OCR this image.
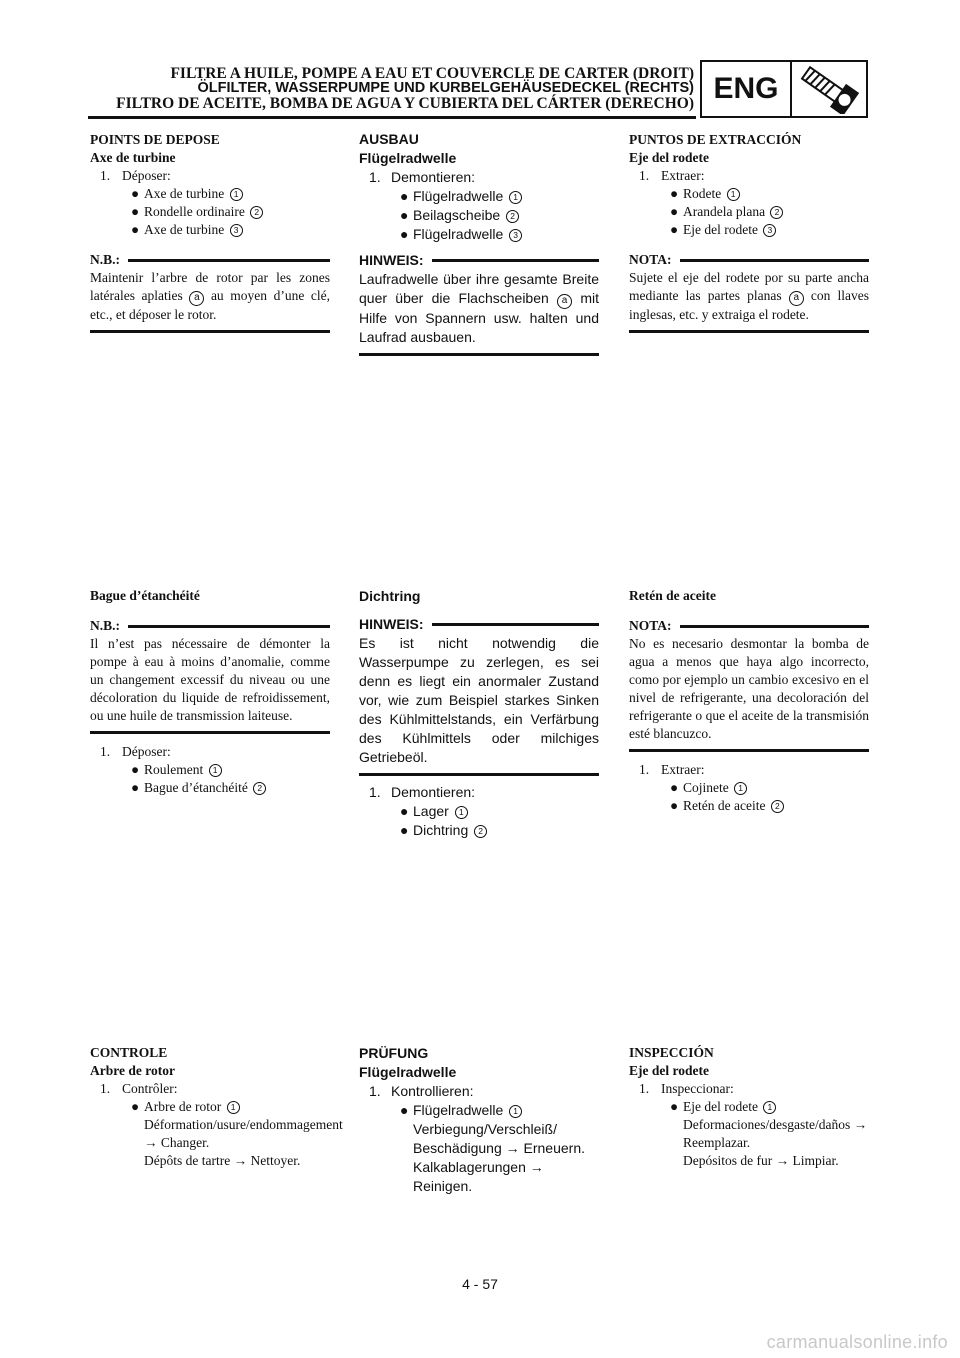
FILTRE A HUILE, POMPE A EAU ET COUVERCLE DE CARTER (DROIT)
ÖLFILTER, WASSERPUMPE UND KURBELGEHÄUSEDECKEL (RECHTS)
FILTRO DE ACEITE, BOMBA DE AGUA Y CUBIERTA DEL CÁRTER (DERECHO) ENG

POINTS DE DEPOSE

Axe de turbine

1. Déposer:

● Axe de turbine 1

● Rondelle ordinaire 2

● Axe de turbine 3

N.B.:

Maintenir l’arbre de rotor par les zones latérales aplaties a au moyen d’une clé, etc., et déposer le rotor.

AUSBAU

Flügelradwelle

1. Demontieren:

● Flügelradwelle 1

● Beilagscheibe 2

● Flügelradwelle 3

HINWEIS:

Laufradwelle über ihre gesamte Breite quer über die Flachscheiben a mit Hilfe von Spannern usw. halten und Laufrad ausbauen.

PUNTOS DE EXTRACCIÓN

Eje del rodete

1. Extraer:

● Rodete 1

● Arandela plana 2

● Eje del rodete 3

NOTA:

Sujete el eje del rodete por su parte ancha mediante las partes planas a con llaves inglesas, etc. y extraiga el rodete.

Bague d’étanchéité

N.B.:

Il n’est pas nécessaire de démonter la pompe à eau à moins d’anomalie, comme un changement excessif du niveau ou une décoloration du liquide de refroidissement, ou une huile de transmission laiteuse.

1. Déposer:

● Roulement 1

● Bague d’étanchéité 2

Dichtring

HINWEIS:

Es ist nicht notwendig die Wasserpumpe zu zerlegen, es sei denn es liegt ein anormaler Zustand vor, wie zum Beispiel starkes Sinken des Kühlmittelstands, ein Verfärbung des Kühlmittels oder milchiges Getriebeöl.

1. Demontieren:

● Lager 1

● Dichtring 2

Retén de aceite

NOTA:

No es necesario desmontar la bomba de agua a menos que haya algo incorrecto, como por ejemplo un cambio excesivo en el nivel de refrigerante, una decoloración del refrigerante o que el aceite de la transmisión esté blancuzco.

1. Extraer:

● Cojinete 1

● Retén de aceite 2

CONTROLE

Arbre de rotor

1. Contrôler:

● Arbre de rotor 1

Déformation/usure/endommagement → Changer.

Dépôts de tartre → Nettoyer.

PRÜFUNG

Flügelradwelle

1. Kontrollieren:

● Flügelradwelle 1

Verbiegung/Verschleiß/ Beschädigung → Erneuern.

Kalkablagerungen → Reinigen.

INSPECCIÓN

Eje del rodete

1. Inspeccionar:

● Eje del rodete 1

Deformaciones/desgaste/daños → Reemplazar.

Depósitos de fur → Limpiar.

4 - 57
carmanualsonline.info
